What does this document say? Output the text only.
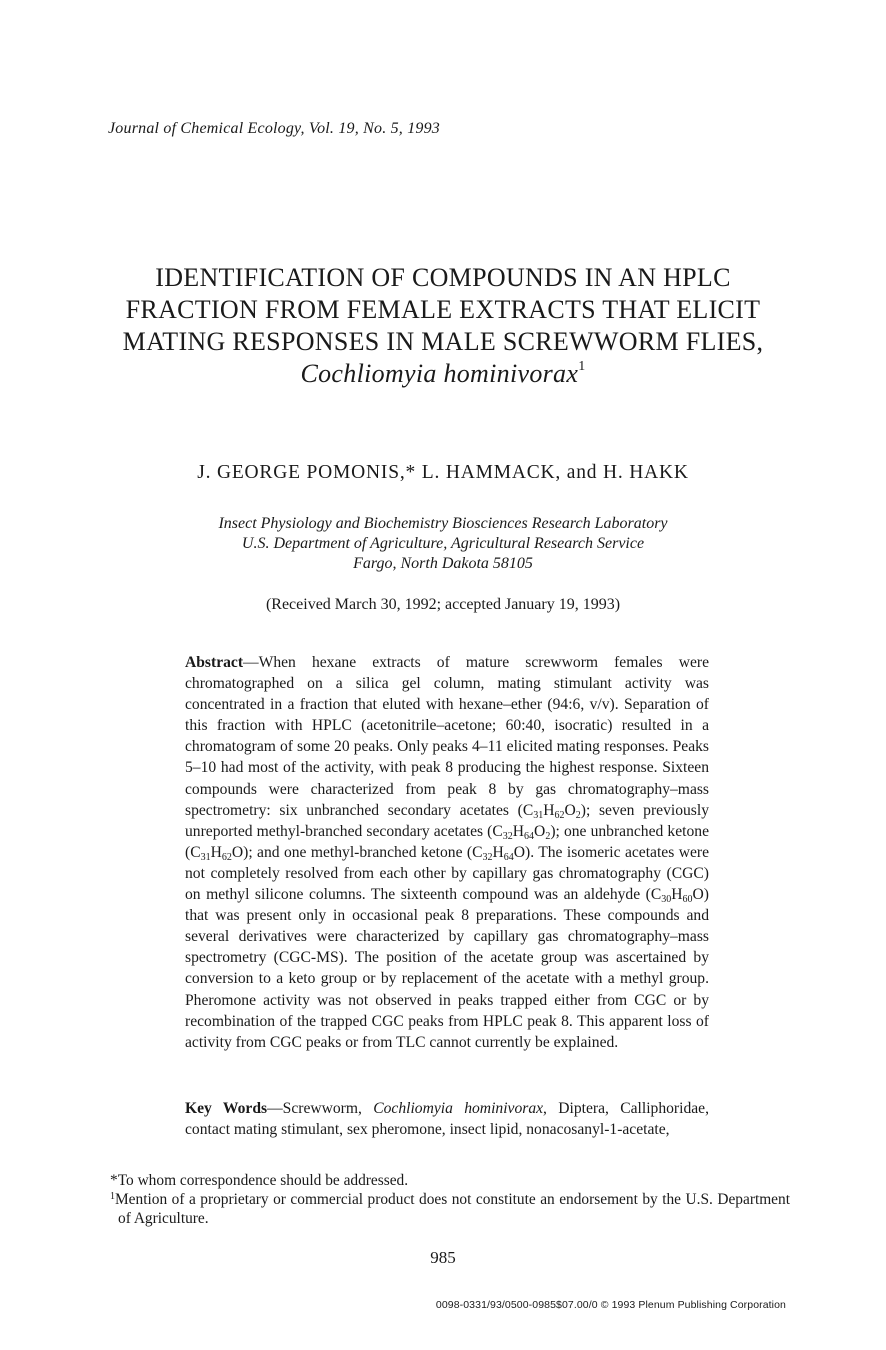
Journal of Chemical Ecology, Vol. 19, No. 5, 1993
IDENTIFICATION OF COMPOUNDS IN AN HPLC
FRACTION FROM FEMALE EXTRACTS THAT ELICIT
MATING RESPONSES IN MALE SCREWWORM FLIES,
Cochliomyia hominivorax$^1$
J. GEORGE POMONIS,* L. HAMMACK, and H. HAKK
Insect Physiology and Biochemistry Biosciences Research Laboratory
U.S. Department of Agriculture, Agricultural Research Service
Fargo, North Dakota 58105
(Received March 30, 1992; accepted January 19, 1993)
Abstract—When hexane extracts of mature screwworm females were chromatographed on a silica gel column, mating stimulant activity was concentrated in a fraction that eluted with hexane–ether (94:6, v/v). Separation of this fraction with HPLC (acetonitrile–acetone; 60:40, isocratic) resulted in a chromatogram of some 20 peaks. Only peaks 4–11 elicited mating responses. Peaks 5–10 had most of the activity, with peak 8 producing the highest response. Sixteen compounds were characterized from peak 8 by gas chromatography–mass spectrometry: six unbranched secondary acetates $(C_{31}H_{62}O_2)$; seven previously unreported methyl-branched secondary acetates $(C_{32}H_{64}O_2)$; one unbranched ketone $(C_{31}H_{62}O)$; and one methyl-branched ketone $(C_{32}H_{64}O)$. The isomeric acetates were not completely resolved from each other by capillary gas chromatography (CGC) on methyl silicone columns. The sixteenth compound was an aldehyde $(C_{30}H_{60}O)$ that was present only in occasional peak 8 preparations. These compounds and several derivatives were characterized by capillary gas chromatography–mass spectrometry (CGC-MS). The position of the acetate group was ascertained by conversion to a keto group or by replacement of the acetate with a methyl group. Pheromone activity was not observed in peaks trapped either from CGC or by recombination of the trapped CGC peaks from HPLC peak 8. This apparent loss of activity from CGC peaks or from TLC cannot currently be explained.
Key Words—Screwworm, Cochliomyia hominivorax, Diptera, Calliphoridae, contact mating stimulant, sex pheromone, insect lipid, nonacosanyl-1-acetate,

*To whom correspondence should be addressed.

$^1$Mention of a proprietary or commercial product does not constitute an endorsement by the U.S. Department of Agriculture.

985
0098-0331/93/0500-0985$07.00/0 © 1993 Plenum Publishing Corporation
